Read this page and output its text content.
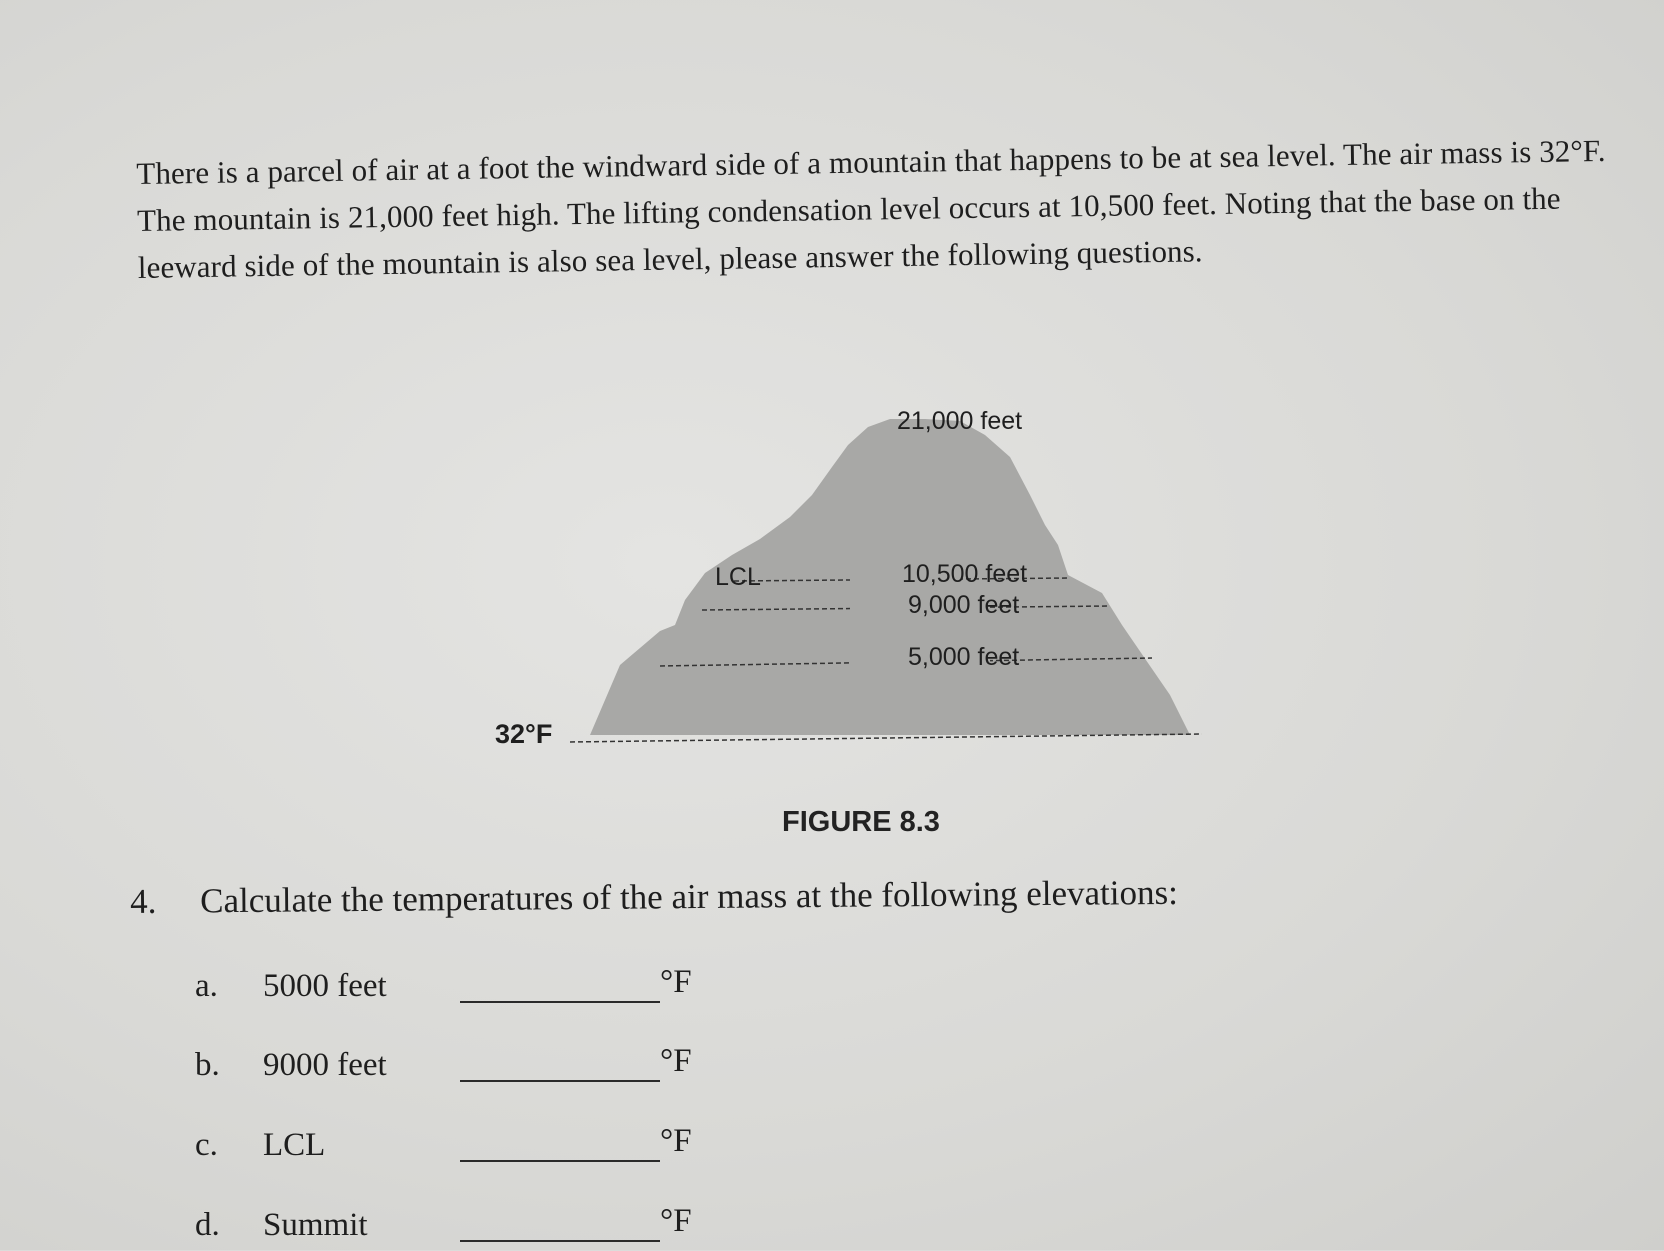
There is a parcel of air at a foot the windward side of a mountain that happens to be at sea level. The air mass is 32°F. The mountain is 21,000 feet high. The lifting condensation level occurs at 10,500 feet. Noting that the base on the leeward side of the mountain is also sea level, please answer the following questions.
21,000 feet
LCL	10,500 feet
9,000 feet
5,000 feet
32°F
FIGURE 8.3
4. Calculate the temperatures of the air mass at the following elevations:
a. 5000 feet	°F
b. 9000 feet	°F
c. LCL	°F
d. Summit	°F
